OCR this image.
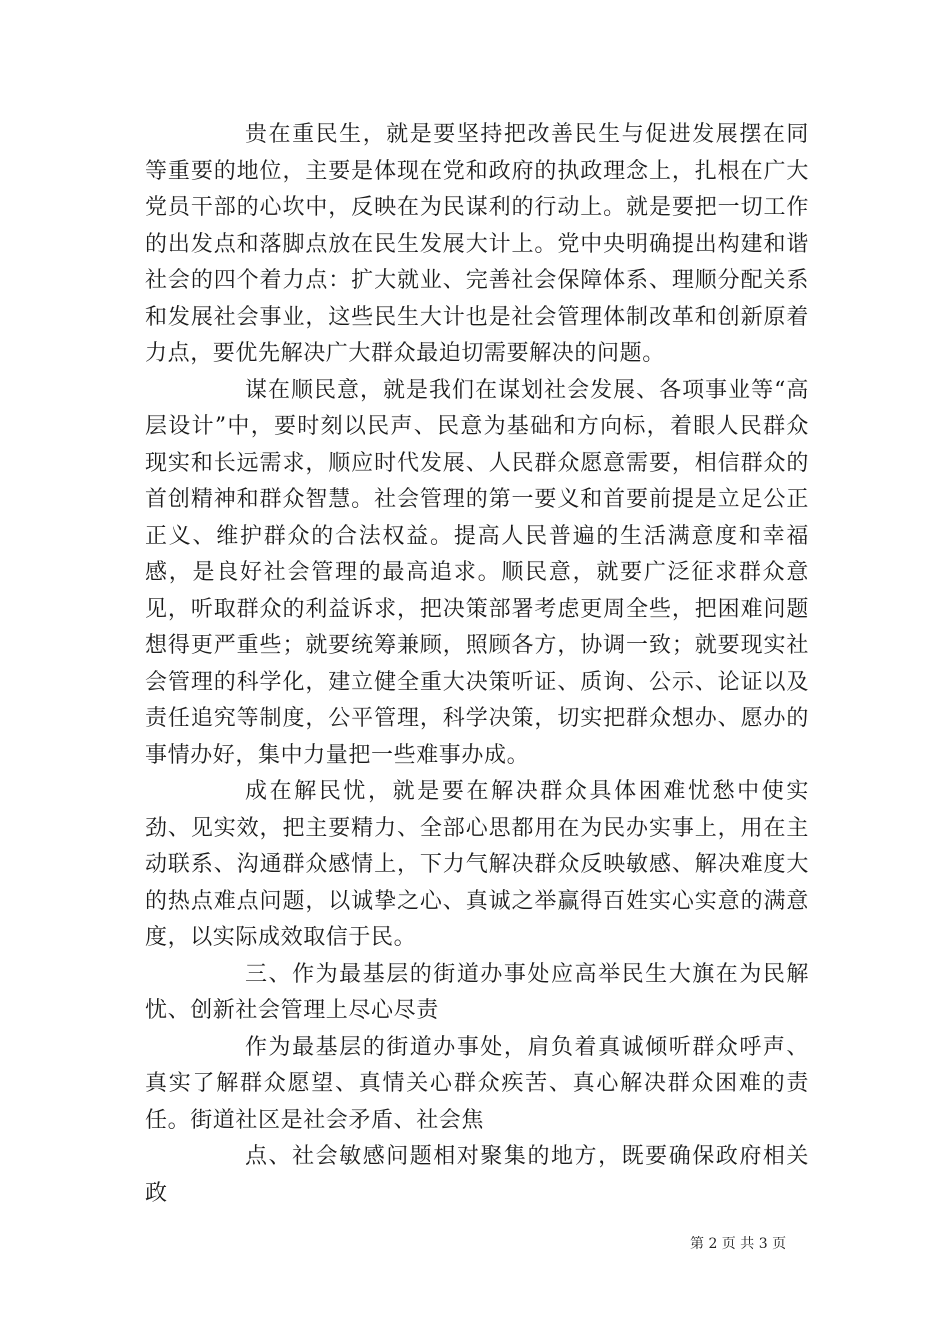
贵在重民生，就是要坚持把改善民生与促进发展摆在同等重要的地位，主要是体现在党和政府的执政理念上，扎根在广大党员干部的心坎中，反映在为民谋利的行动上。就是要把一切工作的出发点和落脚点放在民生发展大计上。党中央明确提出构建和谐社会的四个着力点：扩大就业、完善社会保障体系、理顺分配关系和发展社会事业，这些民生大计也是社会管理体制改革和创新原着力点，要优先解决广大群众最迫切需要解决的问题。

谋在顺民意，就是我们在谋划社会发展、各项事业等“高层设计”中，要时刻以民声、民意为基础和方向标，着眼人民群众现实和长远需求，顺应时代发展、人民群众愿意需要，相信群众的首创精神和群众智慧。社会管理的第一要义和首要前提是立足公正正义、维护群众的合法权益。提高人民普遍的生活满意度和幸福感，是良好社会管理的最高追求。顺民意，就要广泛征求群众意见，听取群众的利益诉求，把决策部署考虑更周全些，把困难问题想得更严重些；就要统筹兼顾，照顾各方，协调一致；就要现实社会管理的科学化，建立健全重大决策听证、质询、公示、论证以及责任追究等制度，公平管理，科学决策，切实把群众想办、愿办的事情办好，集中力量把一些难事办成。

成在解民忧，就是要在解决群众具体困难忧愁中使实劲、见实效，把主要精力、全部心思都用在为民办实事上，用在主动联系、沟通群众感情上，下力气解决群众反映敏感、解决难度大的热点难点问题，以诚挚之心、真诚之举赢得百姓实心实意的满意度，以实际成效取信于民。

三、作为最基层的街道办事处应高举民生大旗在为民解忧、创新社会管理上尽心尽责

作为最基层的街道办事处，肩负着真诚倾听群众呼声、真实了解群众愿望、真情关心群众疾苦、真心解决群众困难的责任。街道社区是社会矛盾、社会焦

点、社会敏感问题相对聚集的地方，既要确保政府相关政

第 2 页 共 3 页
